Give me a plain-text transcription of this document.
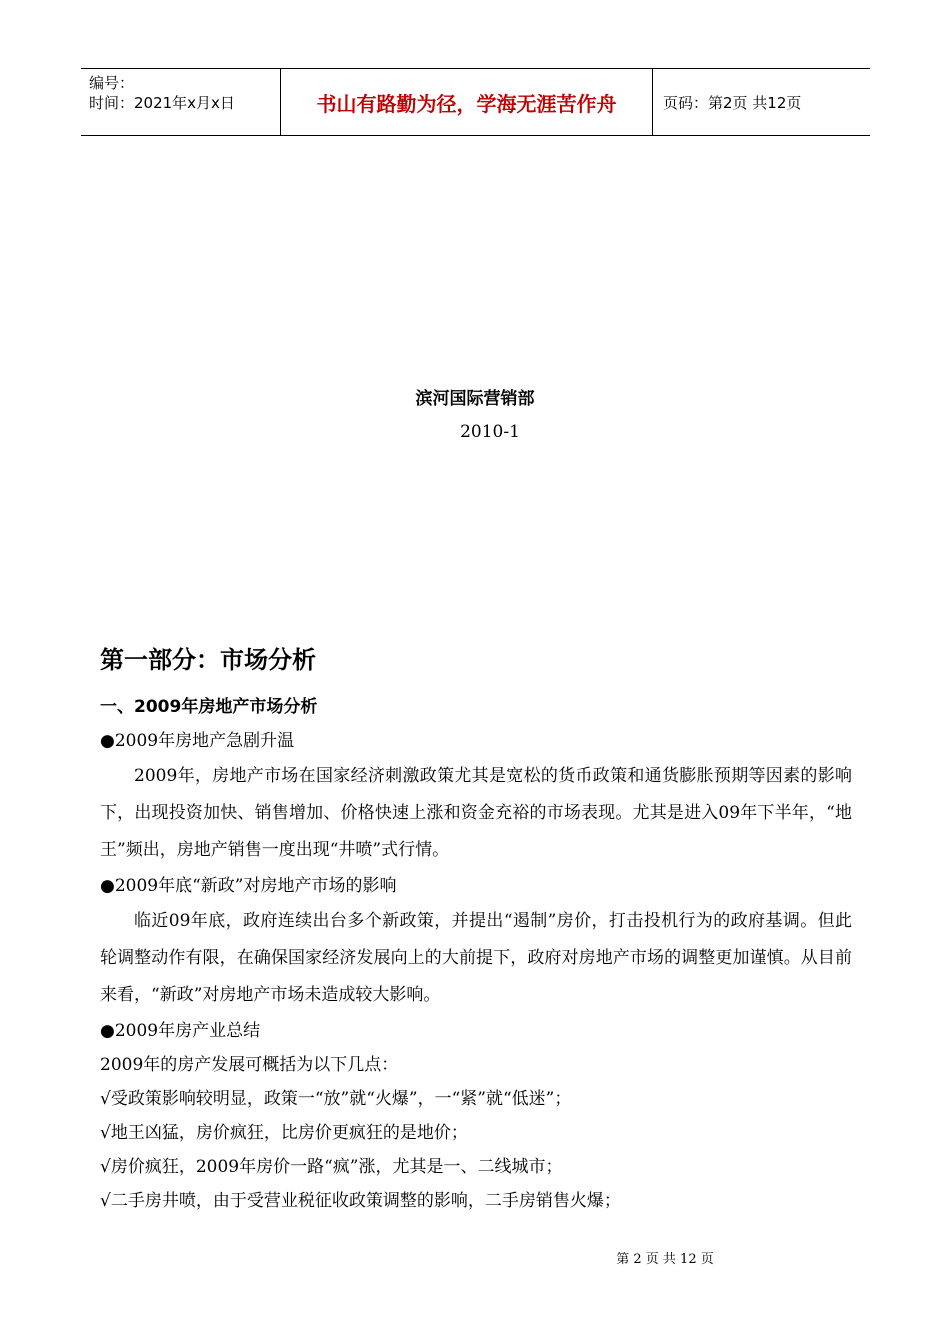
编号：
时间：2021年x月x日	书山有路勤为径，学海无涯苦作舟	页码：第2页 共12页
滨河国际营销部
2010-1
第一部分：市场分析
一、2009年房地产市场分析

●2009年房地产急剧升温

2009年，房地产市场在国家经济刺激政策尤其是宽松的货币政策和通货膨胀预期等因素的影响下，出现投资加快、销售增加、价格快速上涨和资金充裕的市场表现。尤其是进入09年下半年，“地王”频出，房地产销售一度出现“井喷”式行情。

●2009年底“新政”对房地产市场的影响

临近09年底，政府连续出台多个新政策，并提出“遏制”房价，打击投机行为的政府基调。但此轮调整动作有限，在确保国家经济发展向上的大前提下，政府对房地产市场的调整更加谨慎。从目前来看，“新政”对房地产市场未造成较大影响。

●2009年房产业总结

2009年的房产发展可概括为以下几点：

√受政策影响较明显，政策一“放”就“火爆”，一“紧”就“低迷”；

√地王凶猛，房价疯狂，比房价更疯狂的是地价；

√房价疯狂，2009年房价一路“疯”涨，尤其是一、二线城市；

√二手房井喷，由于受营业税征收政策调整的影响，二手房销售火爆；

第 2 页 共 12 页
